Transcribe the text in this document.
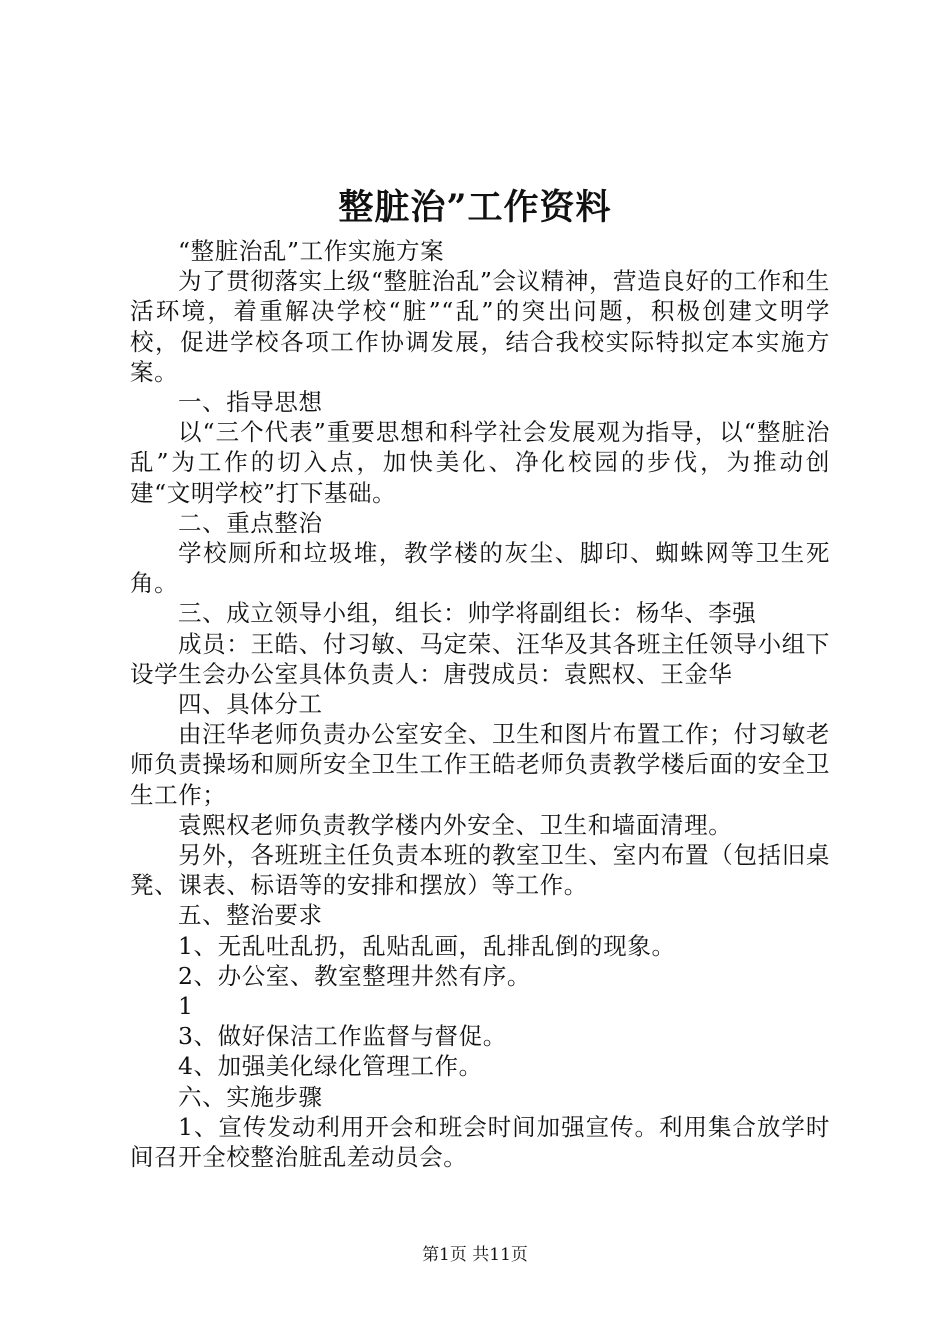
整脏治”工作资料

“整脏治乱”工作实施方案

为了贯彻落实上级“整脏治乱”会议精神，营造良好的工作和生活环境，着重解决学校“脏”“乱”的突出问题，积极创建文明学校，促进学校各项工作协调发展，结合我校实际特拟定本实施方案。

一、指导思想

以“三个代表”重要思想和科学社会发展观为指导，以“整脏治乱”为工作的切入点，加快美化、净化校园的步伐，为推动创建“文明学校”打下基础。

二、重点整治

学校厕所和垃圾堆，教学楼的灰尘、脚印、蜘蛛网等卫生死角。

三、成立领导小组，组长：帅学将副组长：杨华、李强

成员：王皓、付习敏、马定荣、汪华及其各班主任领导小组下设学生会办公室具体负责人：唐弢成员：袁熙权、王金华

四、具体分工

由汪华老师负责办公室安全、卫生和图片布置工作；付习敏老师负责操场和厕所安全卫生工作王皓老师负责教学楼后面的安全卫生工作；

袁熙权老师负责教学楼内外安全、卫生和墙面清理。

另外，各班班主任负责本班的教室卫生、室内布置（包括旧桌凳、课表、标语等的安排和摆放）等工作。

五、整治要求

1、无乱吐乱扔，乱贴乱画，乱排乱倒的现象。

2、办公室、教室整理井然有序。

1

3、做好保洁工作监督与督促。

4、加强美化绿化管理工作。

六、实施步骤

1、宣传发动利用开会和班会时间加强宣传。利用集合放学时间召开全校整治脏乱差动员会。

第1页 共11页
